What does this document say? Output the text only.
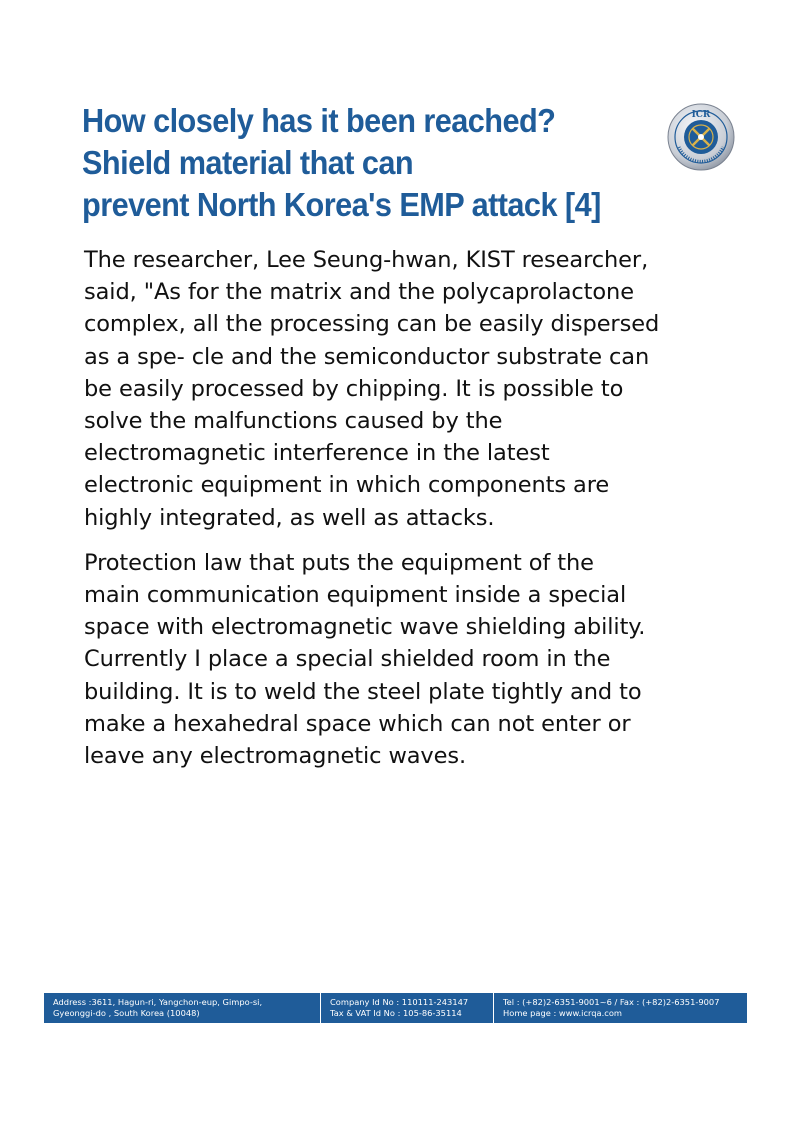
How closely has it been reached?
Shield material that can
prevent North Korea's EMP attack [4]
ICR

The researcher, Lee Seung-hwan, KIST researcher,
said, "As for the matrix and the polycaprolactone
complex, all the processing can be easily dispersed
as a spe- cle and the semiconductor substrate can
be easily processed by chipping. It is possible to
solve the malfunctions caused by the
electromagnetic interference in the latest
electronic equipment in which components are
highly integrated, as well as attacks.

Protection law that puts the equipment of the
main communication equipment inside a special
space with electromagnetic wave shielding ability.
Currently I place a special shielded room in the
building. It is to weld the steel plate tightly and to
make a hexahedral space which can not enter or
leave any electromagnetic waves.

Address :3611, Hagun-ri, Yangchon-eup, Gimpo-si,
Gyeonggi-do , South Korea (10048)
Company Id No : 110111-243147
Tax & VAT Id No : 105-86-35114
Tel : (+82)2-6351-9001~6 / Fax : (+82)2-6351-9007
Home page : www.icrqa.com
